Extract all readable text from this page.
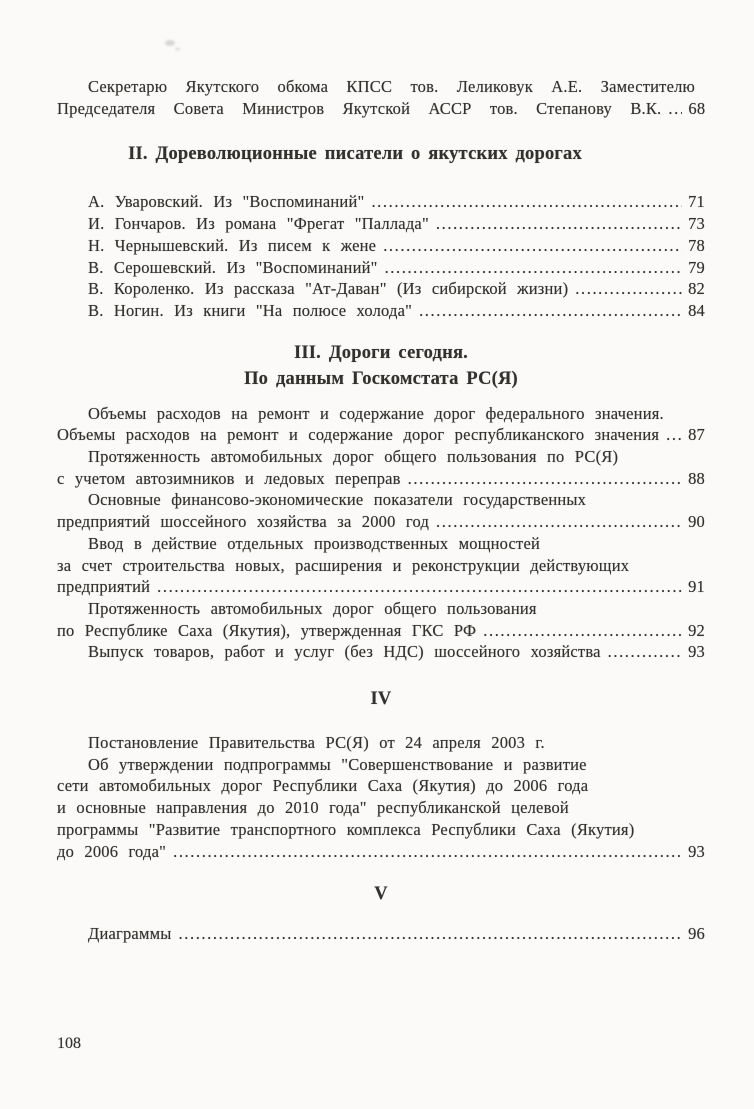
Секретарю Якутского обкома КПСС тов. Леликовук А.Е. Заместителю
Председателя Совета Министров Якутской АССР тов. Степанову В.К. ..... 68
II. Дореволюционные писатели о якутских дорогах
А. Уваровский. Из "Воспоминаний" .....	71
И. Гончаров. Из романа "Фрегат "Паллада" .....	73
Н. Чернышевский. Из писем к жене .....	78
В. Серошевский. Из "Воспоминаний" .....	79
В. Короленко. Из рассказа "Ат-Даван" (Из сибирской жизни) .....	82
В. Ногин. Из книги "На полюсе холода" .....	84
III. Дороги сегодня.
По данным Госкомстата РС(Я)
Объемы расходов на ремонт и содержание дорог федерального значения.
Объемы расходов на ремонт и содержание дорог республиканского значения ..... 87
Протяженность автомобильных дорог общего пользования по РС(Я)
с учетом автозимников и ледовых переправ .....	88
Основные финансово-экономические показатели государственных
предприятий шоссейного хозяйства за 2000 год .....	90
Ввод в действие отдельных производственных мощностей
за счет строительства новых, расширения и реконструкции действующих
предприятий .....	91
Протяженность автомобильных дорог общего пользования
по Республике Саха (Якутия), утвержденная ГКС РФ .....	92
Выпуск товаров, работ и услуг (без НДС) шоссейного хозяйства .....	93
IV
Постановление Правительства РС(Я) от 24 апреля 2003 г.
Об утверждении подпрограммы "Совершенствование и развитие
сети автомобильных дорог Республики Саха (Якутия) до 2006 года
и основные направления до 2010 года" республиканской целевой
программы "Развитие транспортного комплекса Республики Саха (Якутия)
до 2006 года" .....	93
V
Диаграммы .....	96
108
